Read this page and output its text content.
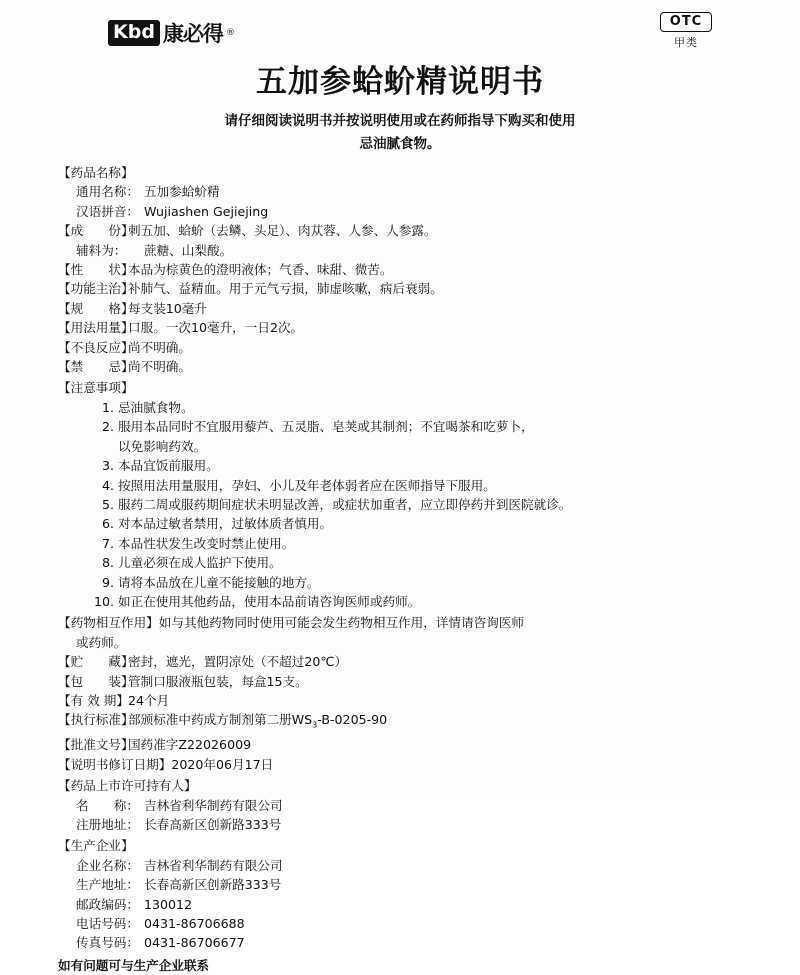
Kbd 康必得 ®
OTC
甲类
五加参蛤蚧精说明书
请仔细阅读说明书并按说明使用或在药师指导下购买和使用
忌油腻食物。
【药品名称】
通用名称： 五加参蛤蚧精
汉语拼音： Wujiashen Gejiejing
【成　　份】
刺五加、蛤蚧（去鳞、头足）、肉苁蓉、人参、人参露。
辅料为：	蔗糖、山梨酸。
【性　　状】
本品为棕黄色的澄明液体；气香、味甜、微苦。
【功能主治】
补肺气、益精血。用于元气亏损，肺虚咳嗽，病后衰弱。
【规　　格】
每支装10毫升
【用法用量】
口服。一次10毫升，一日2次。
【不良反应】
尚不明确。
【禁　　忌】
尚不明确。
【注意事项】
1. 忌油腻食物。
2. 服用本品同时不宜服用藜芦、五灵脂、皂荚或其制剂；不宜喝茶和吃萝卜，
以免影响药效。
3. 本品宜饭前服用。
4. 按照用法用量服用，孕妇、小儿及年老体弱者应在医师指导下服用。
5. 服药二周或服药期间症状未明显改善，或症状加重者，应立即停药并到医院就诊。
6. 对本品过敏者禁用，过敏体质者慎用。
7. 本品性状发生改变时禁止使用。
8. 儿童必须在成人监护下使用。
9. 请将本品放在儿童不能接触的地方。
10. 如正在使用其他药品，使用本品前请咨询医师或药师。
【药物相互作用】 如与其他药物同时使用可能会发生药物相互作用，详情请咨询医师
或药师。
【贮　　藏】
密封，遮光，置阴凉处（不超过20℃）
【包　　装】
管制口服液瓶包装，每盒15支。
【有 效 期】 24个月
【执行标准】
部颁标准中药成方制剂第二册$WS_3-B-0205-90$
【批准文号】
国药准字Z22026009
【说明书修订日期】 2020年06月17日
【药品上市许可持有人】
名　　称： 吉林省利华制药有限公司
注册地址： 长春高新区创新路333号
【生产企业】
企业名称： 吉林省利华制药有限公司
生产地址： 长春高新区创新路333号
邮政编码： 130012
电话号码： 0431-86706688
传真号码： 0431-86706677
如有问题可与生产企业联系
